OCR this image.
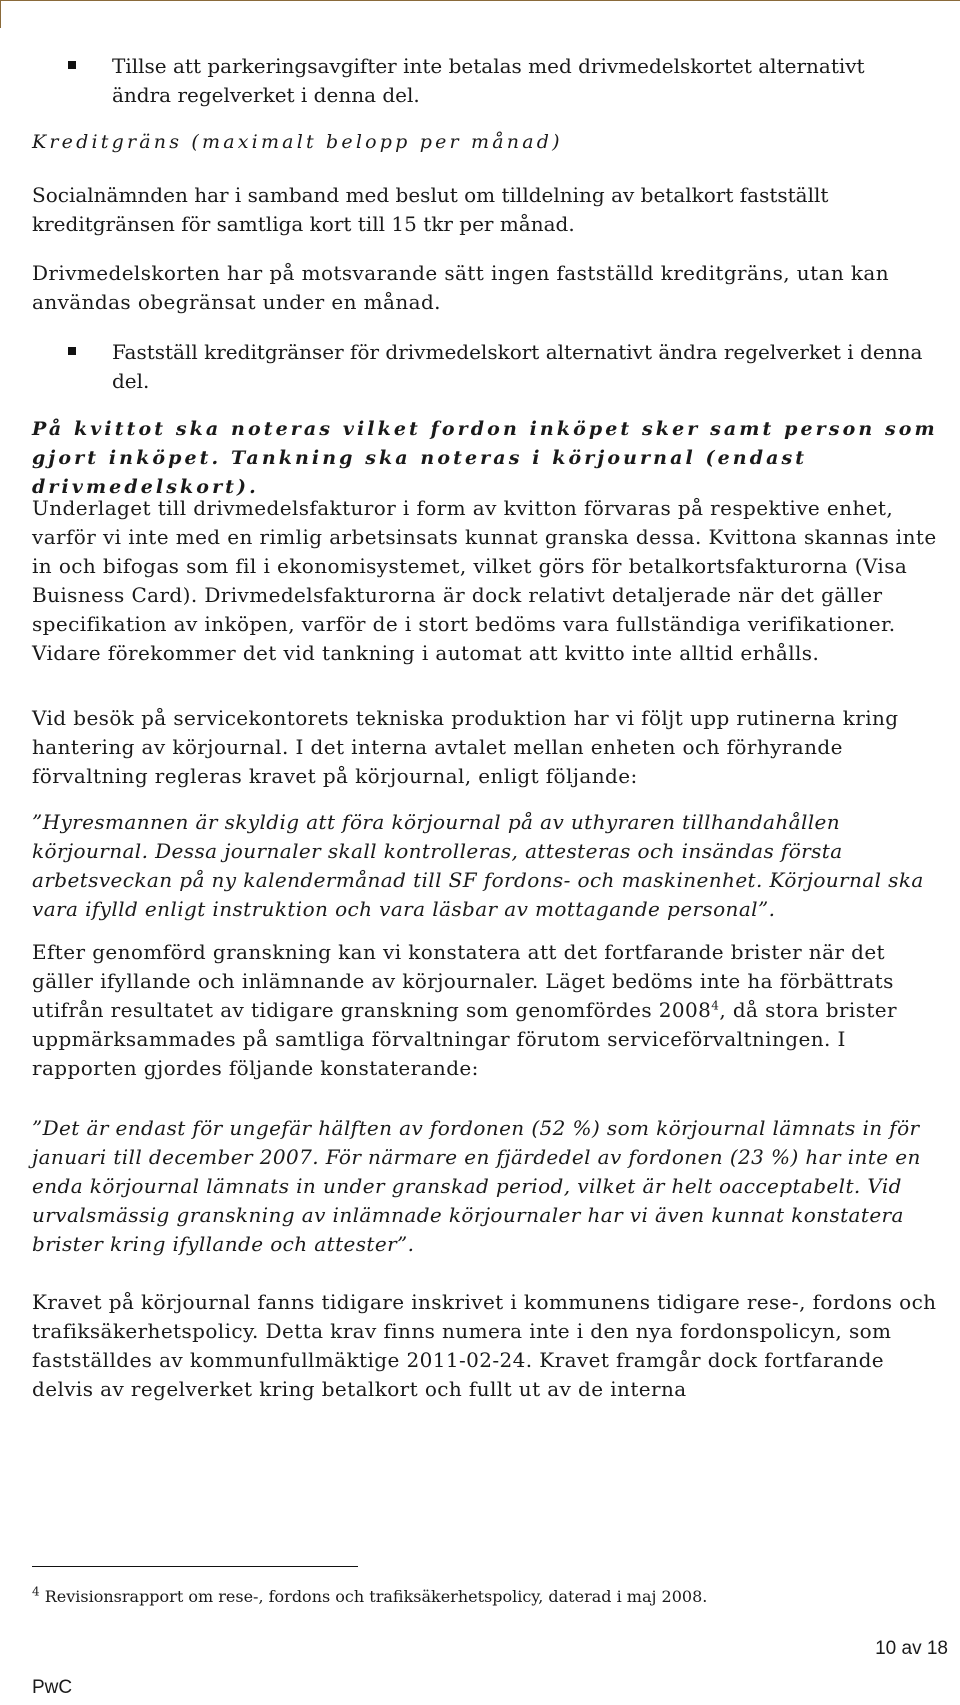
Tillse att parkeringsavgifter inte betalas med drivmedelskortet alternativt ändra regelverket i denna del.

Kreditgräns (maximalt belopp per månad)

Socialnämnden har i samband med beslut om tilldelning av betalkort fastställt kreditgränsen för samtliga kort till 15 tkr per månad.

Drivmedelskorten har på motsvarande sätt ingen fastställd kreditgräns, utan kan användas obegränsat under en månad.

Fastställ kreditgränser för drivmedelskort alternativt ändra regelverket i denna del.

På kvittot ska noteras vilket fordon inköpet sker samt person som gjort inköpet. Tankning ska noteras i körjournal (endast drivmedelskort).

Underlaget till drivmedelsfakturor i form av kvitton förvaras på respektive enhet, varför vi inte med en rimlig arbetsinsats kunnat granska dessa. Kvittona skannas inte in och bifogas som fil i ekonomisystemet, vilket görs för betalkortsfakturorna (Visa Buisness Card). Drivmedelsfakturorna är dock relativt detaljerade när det gäller specifikation av inköpen, varför de i stort bedöms vara fullständiga verifikationer. Vidare förekommer det vid tankning i automat att kvitto inte alltid erhålls.

Vid besök på servicekontorets tekniska produktion har vi följt upp rutinerna kring hantering av körjournal. I det interna avtalet mellan enheten och förhyrande förvaltning regleras kravet på körjournal, enligt följande:

”Hyresmannen är skyldig att föra körjournal på av uthyraren tillhandahållen körjournal. Dessa journaler skall kontrolleras, attesteras och insändas första arbetsveckan på ny kalendermånad till SF fordons- och maskinenhet. Körjournal ska vara ifylld enligt instruktion och vara läsbar av mottagande personal”.

Efter genomförd granskning kan vi konstatera att det fortfarande brister när det gäller ifyllande och inlämnande av körjournaler. Läget bedöms inte ha förbättrats utifrån resultatet av tidigare granskning som genomfördes 2008$^4$, då stora brister uppmärksammades på samtliga förvaltningar förutom serviceförvaltningen. I rapporten gjordes följande konstaterande:

”Det är endast för ungefär hälften av fordonen (52 %) som körjournal lämnats in för januari till december 2007. För närmare en fjärdedel av fordonen (23 %) har inte en enda körjournal lämnats in under granskad period, vilket är helt oacceptabelt. Vid urvalsmässig granskning av inlämnade körjournaler har vi även kunnat konstatera brister kring ifyllande och attester”.

Kravet på körjournal fanns tidigare inskrivet i kommunens tidigare rese-, fordons och trafiksäkerhetspolicy. Detta krav finns numera inte i den nya fordonspolicyn, som fastställdes av kommunfullmäktige 2011-02-24. Kravet framgår dock fortfarande delvis av regelverket kring betalkort och fullt ut av de interna

$^4$ Revisionsrapport om rese-, fordons och trafiksäkerhetspolicy, daterad i maj 2008.
10 av 18
PwC
